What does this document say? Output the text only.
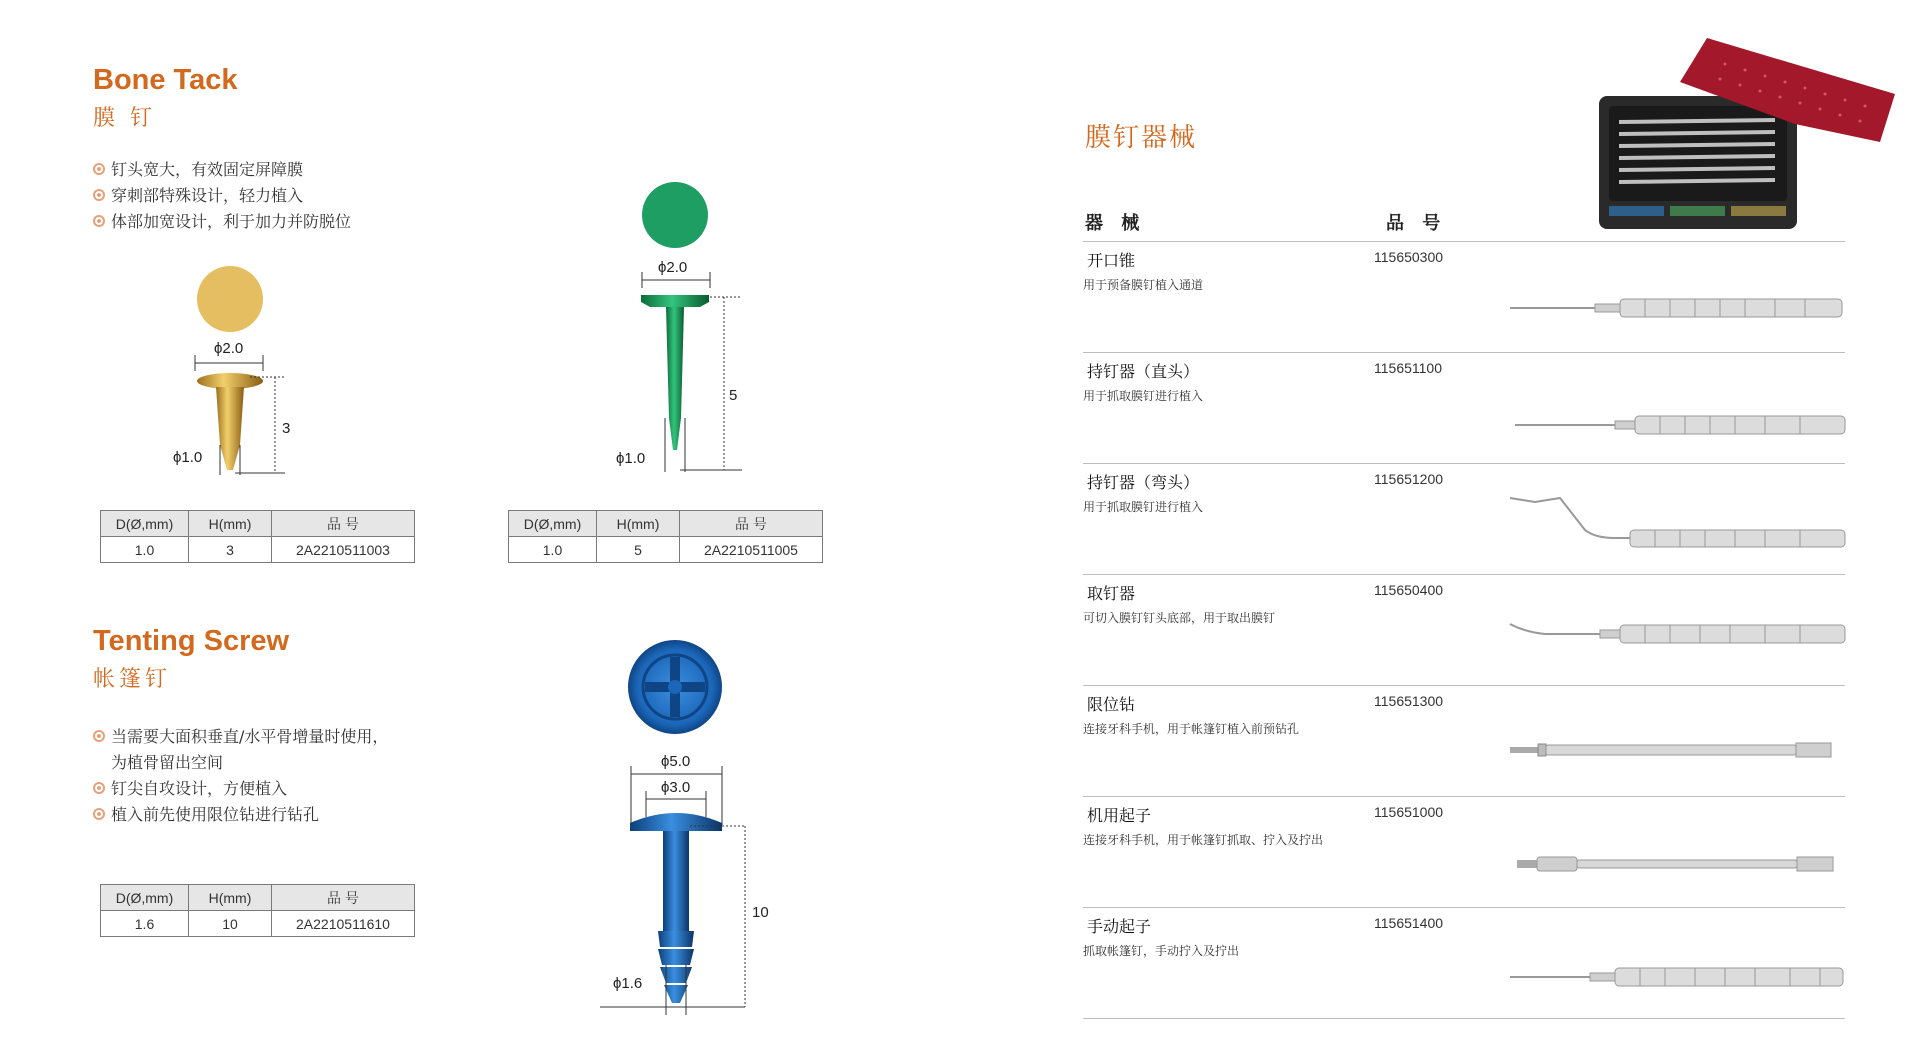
Bone Tack
膜 钉
钉头宽大，有效固定屏障膜
穿刺部特殊设计，轻力植入
体部加宽设计，利于加力并防脱位
ϕ2.0
3
ϕ1.0
D(Ø,mm)	H(mm)	品 号
1.0	3	2A2210511003
ϕ2.0
5
ϕ1.0
D(Ø,mm)	H(mm)	品 号
1.0	5	2A2210511005
Tenting Screw
帐篷钉
当需要大面积垂直/水平骨增量时使用，
为植骨留出空间
钉尖自攻设计，方便植入
植入前先使用限位钻进行钻孔
D(Ø,mm)	H(mm)	品 号
1.6	10	2A2210511610
ϕ5.0
ϕ3.0
10
ϕ1.6
膜钉器械
器 械	品 号
开口锥	115650300
用于预备膜钉植入通道
持钉器（直头）	115651100
用于抓取膜钉进行植入
持钉器（弯头）	115651200
用于抓取膜钉进行植入
取钉器	115650400
可切入膜钉钉头底部，用于取出膜钉
限位钻	115651300
连接牙科手机，用于帐篷钉植入前预钻孔
机用起子	115651000
连接牙科手机，用于帐篷钉抓取、拧入及拧出
手动起子	115651400
抓取帐篷钉，手动拧入及拧出
